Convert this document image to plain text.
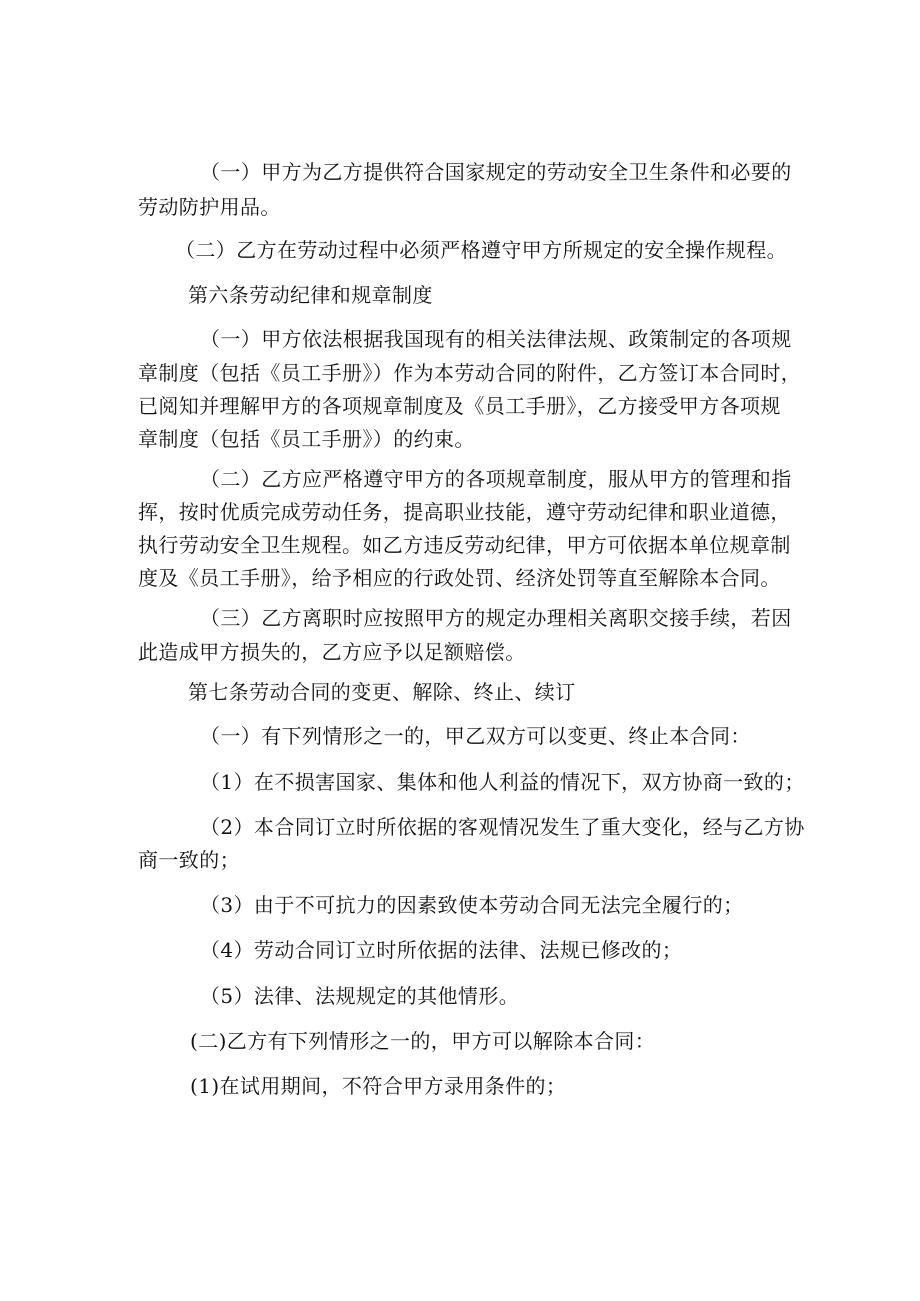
（一）甲方为乙方提供符合国家规定的劳动安全卫生条件和必要的
劳动防护用品。
（二）乙方在劳动过程中必须严格遵守甲方所规定的安全操作规程。
第六条劳动纪律和规章制度
（一）甲方依法根据我国现有的相关法律法规、政策制定的各项规
章制度（包括《员工手册》）作为本劳动合同的附件，乙方签订本合同时，
已阅知并理解甲方的各项规章制度及《员工手册》，乙方接受甲方各项规
章制度（包括《员工手册》）的约束。
（二）乙方应严格遵守甲方的各项规章制度，服从甲方的管理和指
挥，按时优质完成劳动任务，提高职业技能，遵守劳动纪律和职业道德，
执行劳动安全卫生规程。如乙方违反劳动纪律，甲方可依据本单位规章制
度及《员工手册》，给予相应的行政处罚、经济处罚等直至解除本合同。
（三）乙方离职时应按照甲方的规定办理相关离职交接手续，若因
此造成甲方损失的，乙方应予以足额赔偿。
第七条劳动合同的变更、解除、终止、续订
（一）有下列情形之一的，甲乙双方可以变更、终止本合同：
（1）在不损害国家、集体和他人利益的情况下，双方协商一致的；
（2）本合同订立时所依据的客观情况发生了重大变化，经与乙方协
商一致的；
（3）由于不可抗力的因素致使本劳动合同无法完全履行的；
（4）劳动合同订立时所依据的法律、法规已修改的；
（5）法律、法规规定的其他情形。
(二)乙方有下列情形之一的，甲方可以解除本合同：
(1)在试用期间，不符合甲方录用条件的；
